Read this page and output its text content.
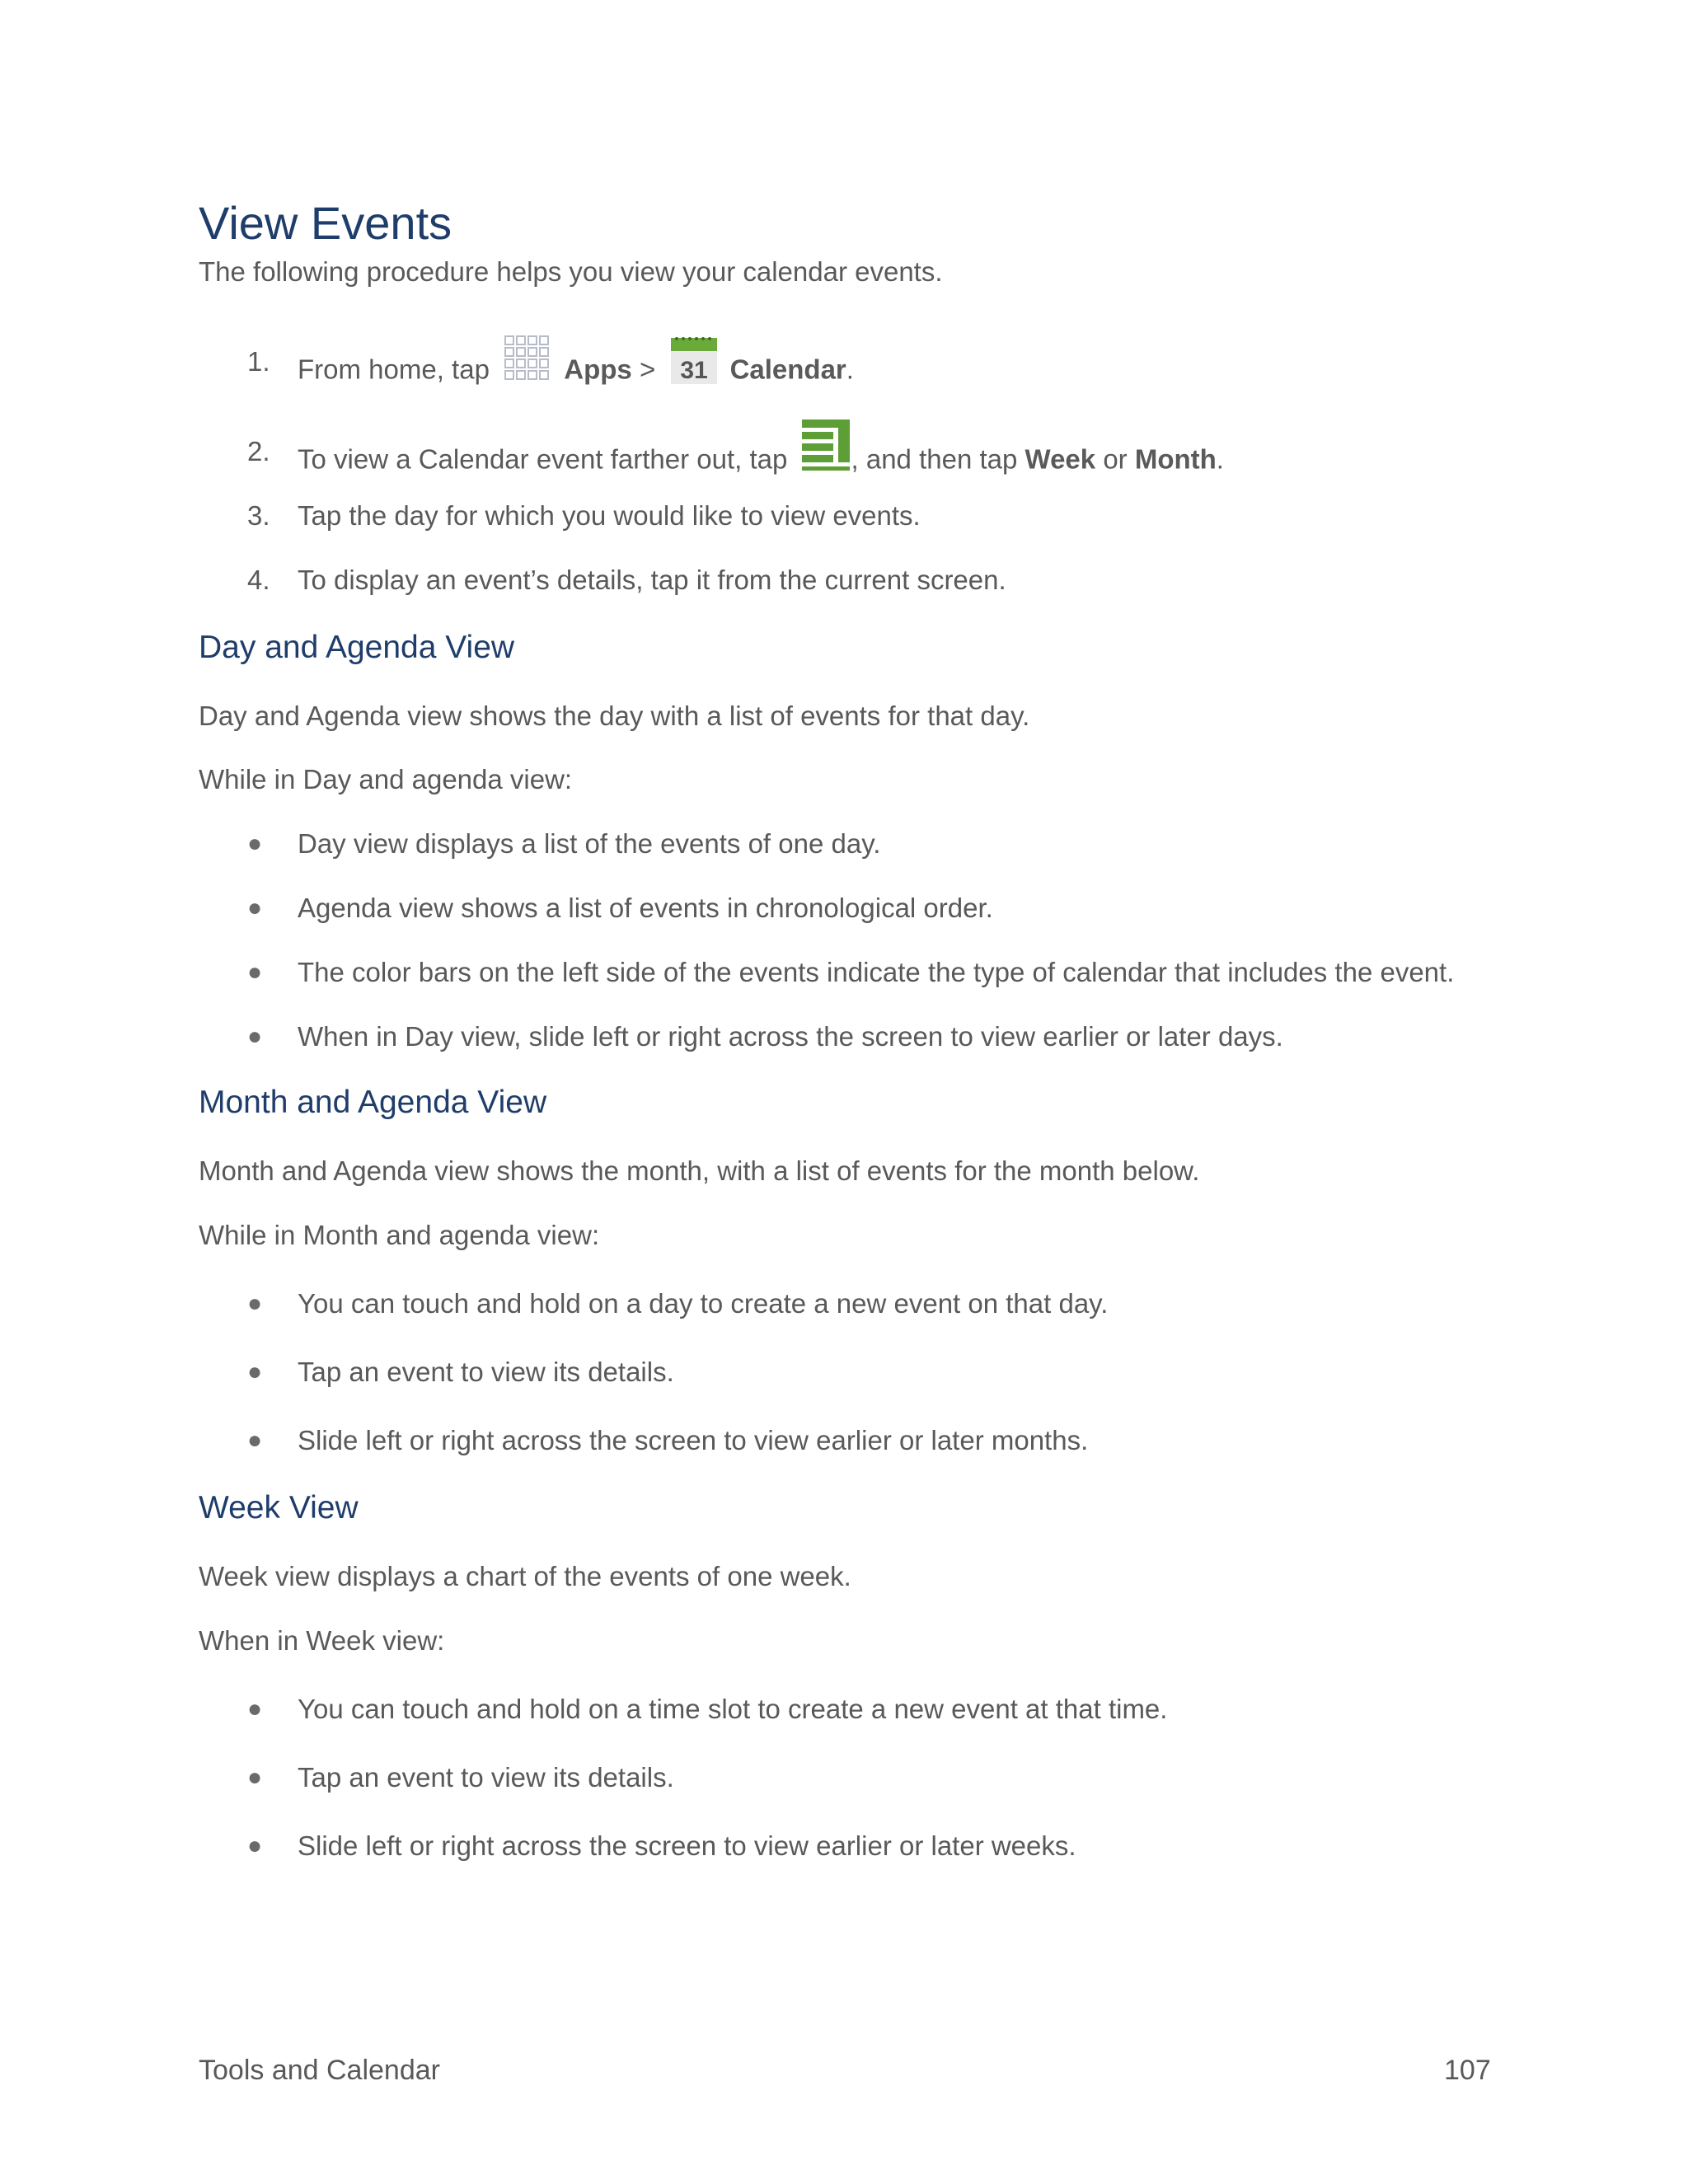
View Events
The following procedure helps you view your calendar events.
1. From home, tap	Apps > 31 Calendar.
2. To view a Calendar event farther out, tap , and then tap Week or Month.
3. Tap the day for which you would like to view events.
4. To display an event’s details, tap it from the current screen.
Day and Agenda View
Day and Agenda view shows the day with a list of events for that day.
While in Day and agenda view:
● Day view displays a list of the events of one day.
● Agenda view shows a list of events in chronological order.
● The color bars on the left side of the events indicate the type of calendar that includes the event.
● When in Day view, slide left or right across the screen to view earlier or later days.
Month and Agenda View
Month and Agenda view shows the month, with a list of events for the month below.
While in Month and agenda view:
● You can touch and hold on a day to create a new event on that day.
● Tap an event to view its details.
● Slide left or right across the screen to view earlier or later months.
Week View
Week view displays a chart of the events of one week.
When in Week view:
● You can touch and hold on a time slot to create a new event at that time.
● Tap an event to view its details.
● Slide left or right across the screen to view earlier or later weeks.
Tools and Calendar	107
